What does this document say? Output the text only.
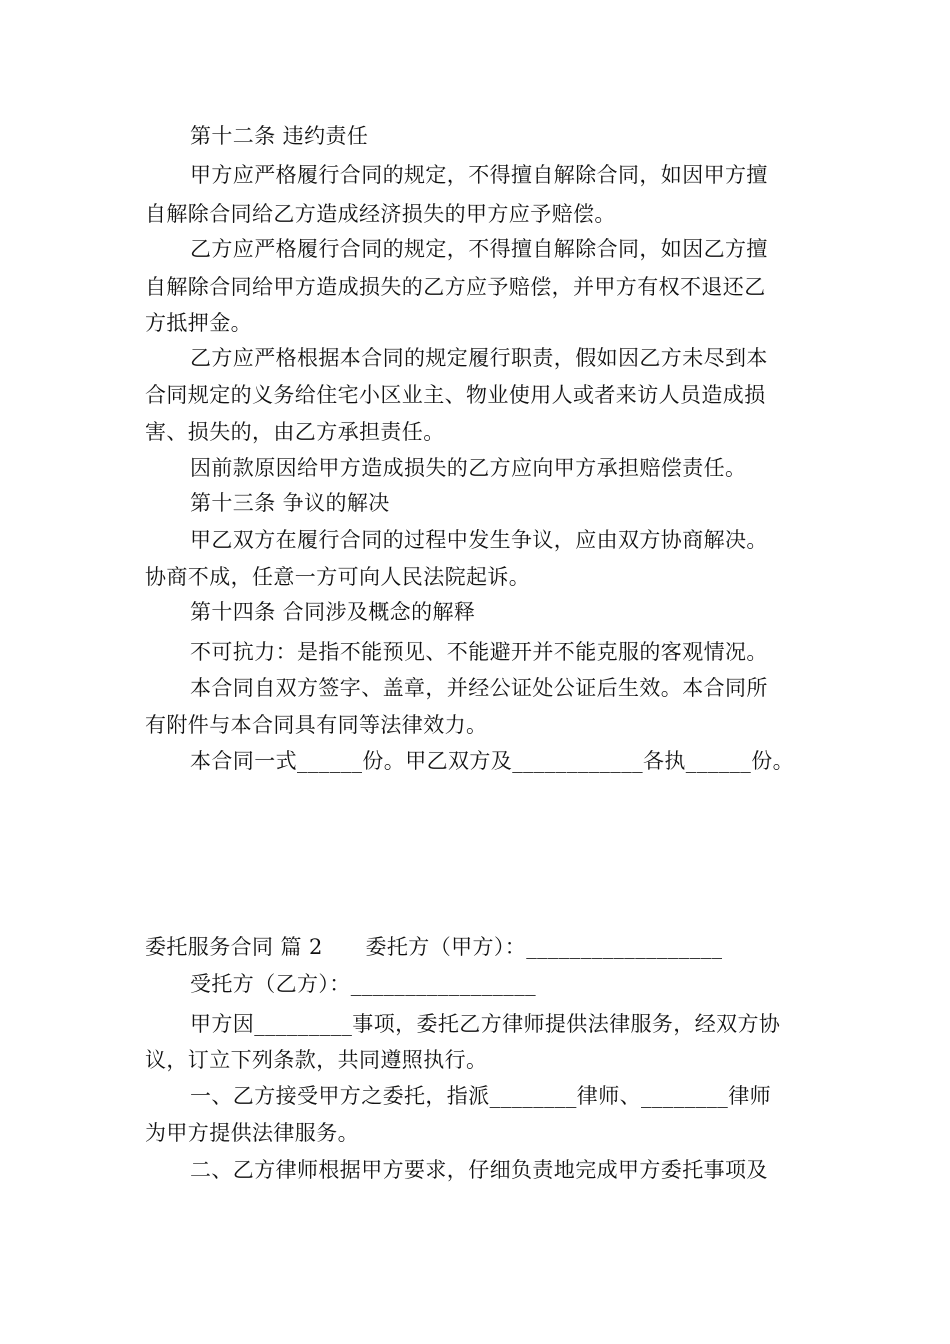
第十二条 违约责任
甲方应严格履行合同的规定，不得擅自解除合同，如因甲方擅
自解除合同给乙方造成经济损失的甲方应予赔偿。
乙方应严格履行合同的规定，不得擅自解除合同，如因乙方擅
自解除合同给甲方造成损失的乙方应予赔偿，并甲方有权不退还乙
方抵押金。
乙方应严格根据本合同的规定履行职责，假如因乙方未尽到本
合同规定的义务给住宅小区业主、物业使用人或者来访人员造成损
害、损失的，由乙方承担责任。
因前款原因给甲方造成损失的乙方应向甲方承担赔偿责任。
第十三条 争议的解决
甲乙双方在履行合同的过程中发生争议，应由双方协商解决。
协商不成，任意一方可向人民法院起诉。
第十四条 合同涉及概念的解释
不可抗力：是指不能预见、不能避开并不能克服的客观情况。
本合同自双方签字、盖章，并经公证处公证后生效。本合同所
有附件与本合同具有同等法律效力。
本合同一式______份。甲乙双方及____________各执______份。
委托服务合同 篇 2　　委托方（甲方）：__________________
受托方（乙方）：_________________
甲方因_________事项，委托乙方律师提供法律服务，经双方协
议，订立下列条款，共同遵照执行。
一、乙方接受甲方之委托，指派________律师、________律师
为甲方提供法律服务。
二、乙方律师根据甲方要求，仔细负责地完成甲方委托事项及
